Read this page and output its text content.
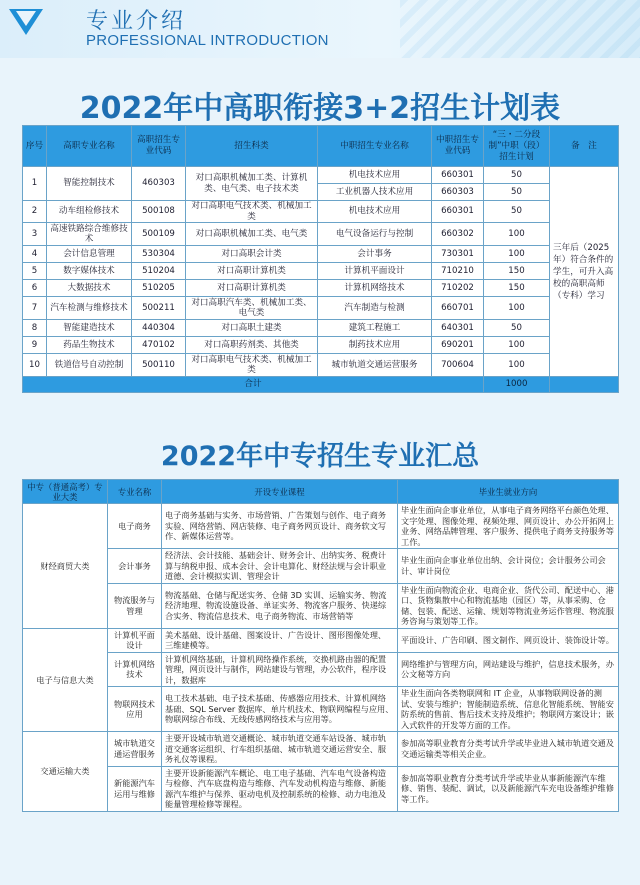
专业介绍
PROFESSIONAL INTRODUCTION
2022年中高职衔接3+2招生计划表
序号	高职专业名称	高职招生专业代码	招生科类	中职招生专业名称	中职招生专业代码	“三・二分段制”中职（段）招生计划	备　注
1	智能控制技术	460303	对口高职机械加工类、计算机类、电气类、电子技术类	机电技术应用	660301	50	三年后（2025年）符合条件的学生，可升入高校的高职高师（专科）学习
				工业机器人技术应用	660303	50	
2	动车组检修技术	500108	对口高职电气技术类、机械加工类	机电技术应用	660301	50	
3	高速铁路综合维修技术	500109	对口高职机械加工类、电气类	电气设备运行与控制	660302	100	
4	会计信息管理	530304	对口高职会计类	会计事务	730301	100	
5	数字媒体技术	510204	对口高职计算机类	计算机平面设计	710210	150	
6	大数据技术	510205	对口高职计算机类	计算机网络技术	710202	150	
7	汽车检测与维修技术	500211	对口高职汽车类、机械加工类、电气类	汽车制造与检测	660701	100	
8	智能建造技术	440304	对口高职土建类	建筑工程施工	640301	50	
9	药品生物技术	470102	对口高职药剂类、其他类	制药技术应用	690201	100	
10	铁道信号自动控制	500110	对口高职电气技术类、机械加工类	城市轨道交通运营服务	700604	100	
合计						1000	
2022年中专招生专业汇总
中专（普通高考）专业大类	专业名称	开设专业课程	毕业生就业方向
财经商贸大类	电子商务	电子商务基础与实务、市场营销、广告策划与创作、电子商务实验、网络营销、网店装修、电子商务网页设计、商务软文写作、新媒体运营等。	毕业生面向企事业单位，从事电子商务网络平台颜色处理、文字处理、图像处理、视频处理、网页设计、办公开拓网上业务、网络品牌管理、客户服务、提供电子商务支持服务等工作。
	会计事务	经济法、会计技能、基础会计、财务会计、出纳实务、税费计算与纳税申报、成本会计、会计电算化、财经法规与会计职业道德、会计模拟实训、管理会计	毕业生面向企事业单位出纳、会计岗位；会计服务公司会计、审计岗位
	物流服务与管理	物流基础、仓储与配送实务、仓储 3D 实训、运输实务、物流经济地理、物流设施设备、单证实务、物流客户服务、快递综合实务、物流信息技术、电子商务物流、市场营销等	毕业生面向物流企业、电商企业、货代公司、配送中心、港口、货物集散中心和物流基地（园区）等，从事采购、仓储、包装、配送、运输、规划等物流业务运作管理、物流服务咨询与策划等工作。
电子与信息大类	计算机平面设计	美术基础、设计基础、图案设计、广告设计、图形图像处理、三维建模等。	平面设计、广告印刷、图文制作、网页设计、装饰设计等。
	计算机网络技术	计算机网络基础，计算机网络操作系统，交换机路由器的配置管理，网页设计与制作，网站建设与管理，办公软件，程序设计，数据库	网络维护与管理方向，网站建设与维护，信息技术服务，办公文秘等方向
	物联网技术应用	电工技术基础、电子技术基础、传感器应用技术、计算机网络基础、SQL Server 数据库、单片机技术、物联网编程与应用、物联网综合布线、无线传感网络技术与应用等。	毕业生面向各类物联网和 IT 企业，从事物联网设备的测试、安装与维护；智能制造系统、信息化智能系统、智能安防系统的售前、售后技术支持及维护；物联网方案设计；嵌入式软件的开发等方面的工作。
交通运输大类	城市轨道交通运营服务	主要开设城市轨道交通概论、城市轨道交通车站设备、城市轨道交通客运组织、行车组织基础、城市轨道交通运营安全、服务礼仪等课程。	参加高等职业教育分类考试升学或毕业进入城市轨道交通及交通运输类等相关企业。
	新能源汽车运用与维修	主要开设新能源汽车概论、电工电子基础、汽车电气设备构造与检修、汽车底盘构造与维修、汽车发动机构造与维修、新能源汽车维护与保养、驱动电机及控制系统的检修、动力电池及能量管理检修等课程。	参加高等职业教育分类考试升学或毕业从事新能源汽车维修、销售、装配、调试，以及新能源汽车充电设备维护维修等工作。
